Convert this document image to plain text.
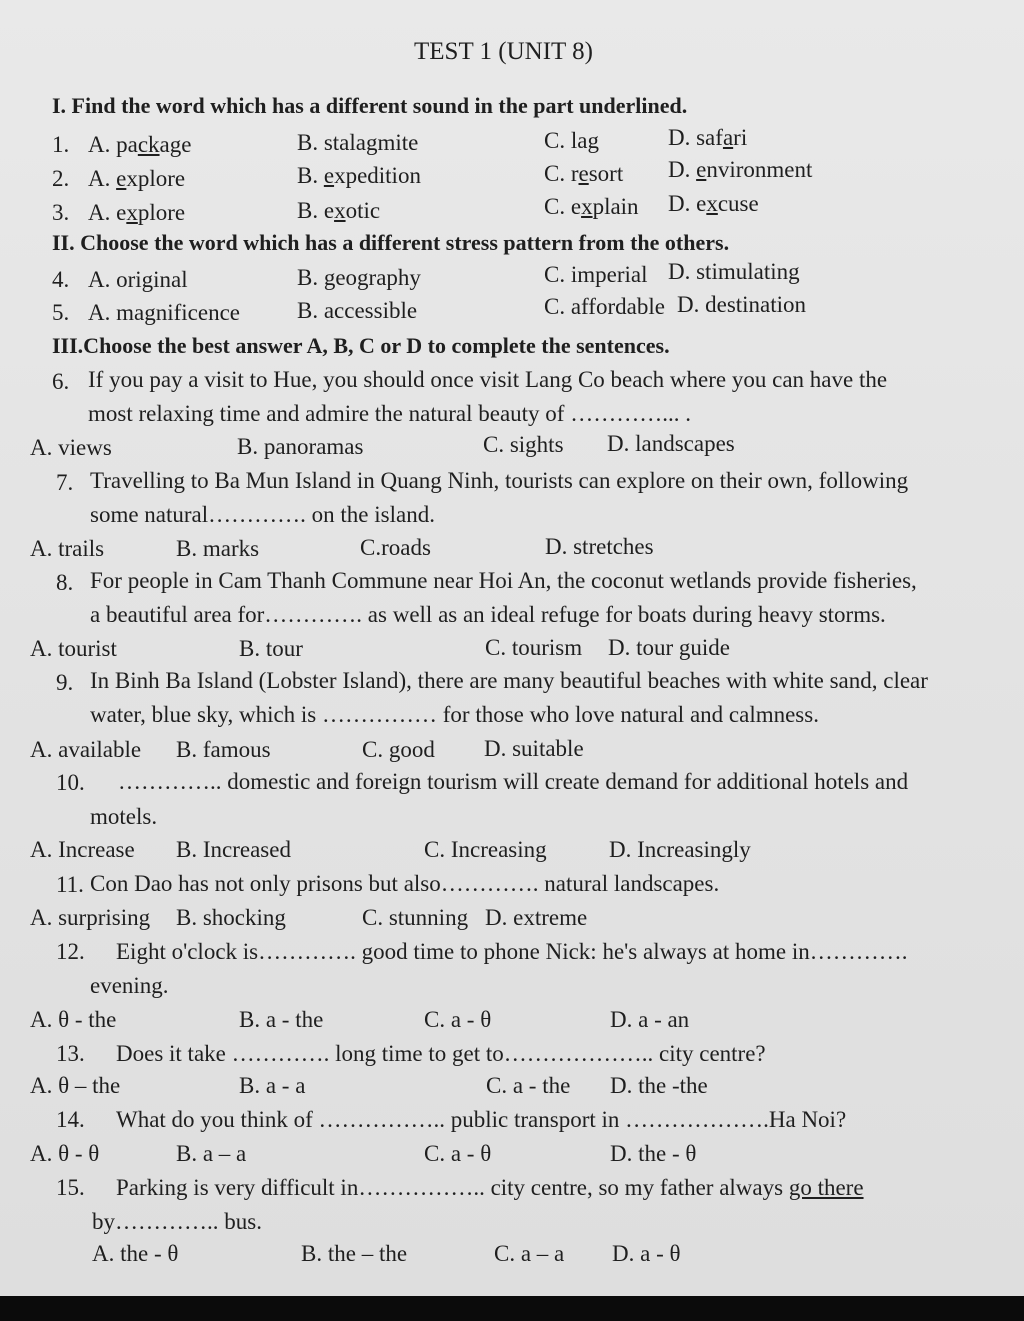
TEST 1 (UNIT 8)
I. Find the word which has a different sound in the part underlined.
1. A. package	B. stalagmite	C. lag	D. safari
2. A. explore	B. expedition	C. resort D. environment
3. A. explore	B. exotic	C. explain D. excuse
II. Choose the word which has a different stress pattern from the others.
4. A. original	B. geography	C. imperial D. stimulating
5. A. magnificence B. accessible	C. affordable D. destination
III.Choose the best answer A, B, C or D to complete the sentences.
6. If you pay a visit to Hue, you should once visit Lang Co beach where you can have the
most relaxing time and admire the natural beauty of …………... .
A. views	B. panoramas	C. sights D. landscapes
7. Travelling to Ba Mun Island in Quang Ninh, tourists can explore on their own, following
some natural…………. on the island.
A. trails	B. marks	C.roads	D. stretches
8. For people in Cam Thanh Commune near Hoi An, the coconut wetlands provide fisheries,
a beautiful area for…………. as well as an ideal refuge for boats during heavy storms.
A. tourist	B. tour	C. tourism D. tour guide
9. In Binh Ba Island (Lobster Island), there are many beautiful beaches with white sand, clear
water, blue sky, which is …………… for those who love natural and calmness.
A. available B. famous	C. good D. suitable
10. ………….. domestic and foreign tourism will create demand for additional hotels and
motels.
A. Increase B. Increased	C. Increasing	D. Increasingly
11. Con Dao has not only prisons but also…………. natural landscapes.
A. surprising B. shocking	C. stunning D. extreme
12. Eight o'clock is…………. good time to phone Nick: he's always at home in………….
evening.
A. θ - the	B. a - the	C. a - θ	D. a - an
13. Does it take …………. long time to get to……………….. city centre?
A. θ – the	B. a - a	C. a - the D. the -the
14. What do you think of …………….. public transport in ……………….Ha Noi?
A. θ - θ	B. a – a	C. a - θ	D. the - θ
15. Parking is very difficult in…………….. city centre, so my father always go there
by………….. bus.
A. the - θ	B. the – the	C. a – a D. a - θ
